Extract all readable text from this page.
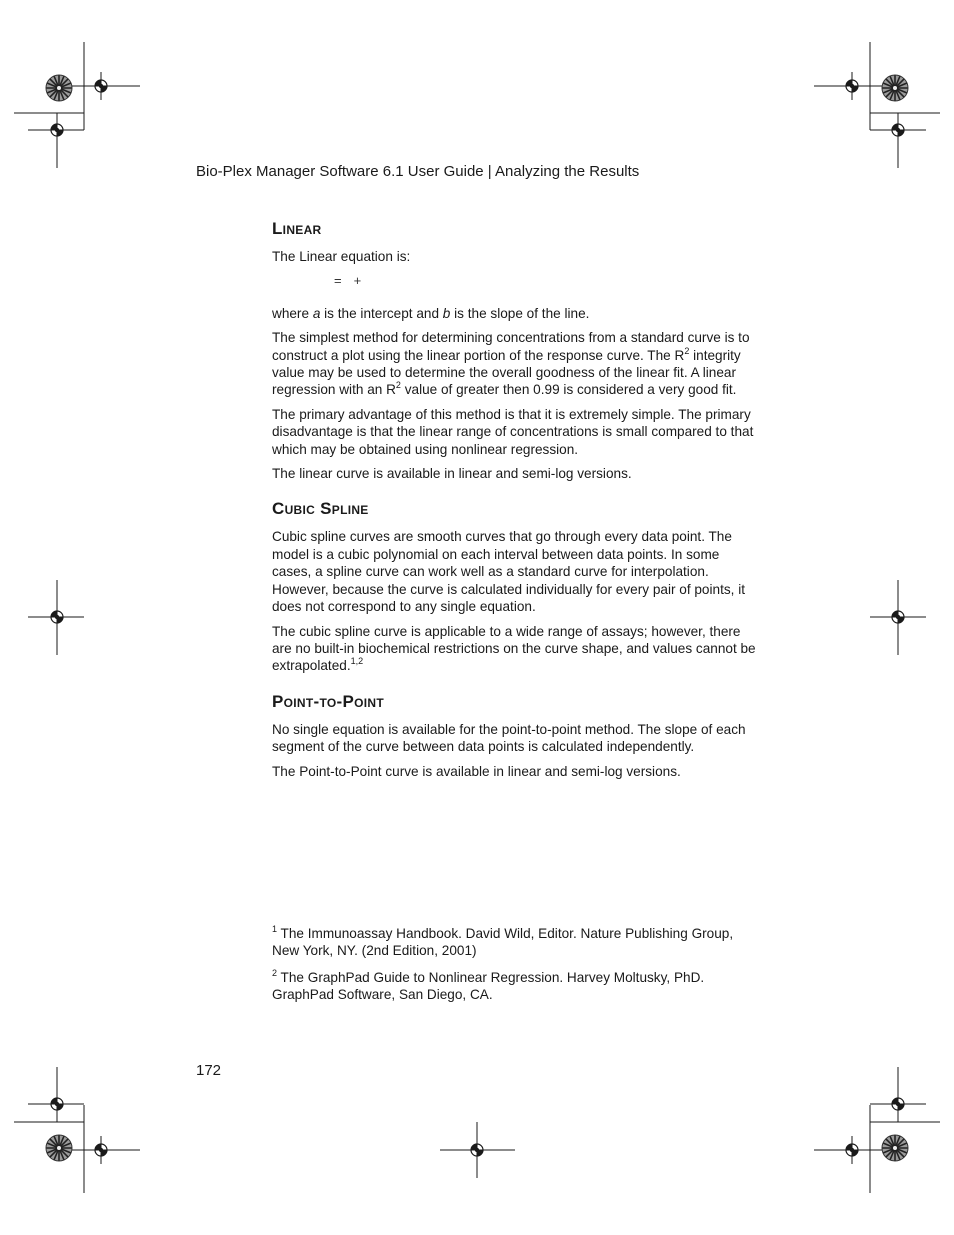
Bio-Plex Manager Software 6.1 User Guide | Analyzing the Results
Linear

The Linear equation is:

= +

where a is the intercept and b is the slope of the line.

The simplest method for determining concentrations from a standard curve is to construct a plot using the linear portion of the response curve. The $R^2$ integrity value may be used to determine the overall goodness of the linear fit. A linear regression with an $R^2$ value of greater then 0.99 is considered a very good fit.

The primary advantage of this method is that it is extremely simple. The primary disadvantage is that the linear range of concentrations is small compared to that which may be obtained using nonlinear regression.

The linear curve is available in linear and semi-log versions.

Cubic Spline

Cubic spline curves are smooth curves that go through every data point. The model is a cubic polynomial on each interval between data points. In some cases, a spline curve can work well as a standard curve for interpolation. However, because the curve is calculated individually for every pair of points, it does not correspond to any single equation.

The cubic spline curve is applicable to a wide range of assays; however, there are no built-in biochemical restrictions on the curve shape, and values cannot be extrapolated.$^{1,2}$

Point-to-Point

No single equation is available for the point-to-point method. The slope of each segment of the curve between data points is calculated independently.

The Point-to-Point curve is available in linear and semi-log versions.

$^1$ The Immunoassay Handbook. David Wild, Editor. Nature Publishing Group, New York, NY. (2nd Edition, 2001)

$^2$ The GraphPad Guide to Nonlinear Regression. Harvey Moltusky, PhD. GraphPad Software, San Diego, CA.

172
